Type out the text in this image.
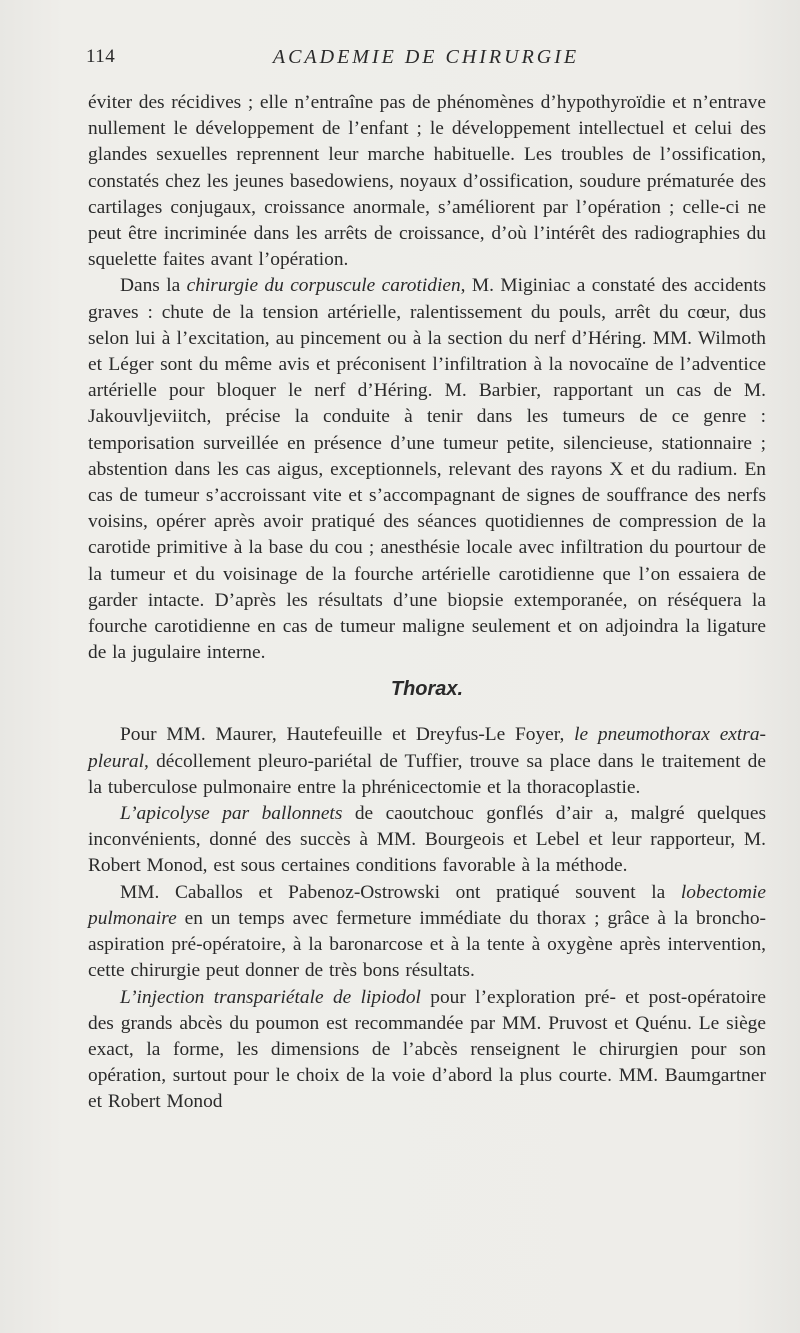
114	ACADEMIE DE CHIRURGIE

éviter des récidives ; elle n’entraîne pas de phénomènes d’hypothyroïdie et n’entrave nullement le développement de l’enfant ; le développement intellectuel et celui des glandes sexuelles reprennent leur marche habituelle. Les troubles de l’ossification, constatés chez les jeunes basedowiens, noyaux d’ossification, soudure prématurée des cartilages conjugaux, croissance anormale, s’améliorent par l’opération ; celle-ci ne peut être incriminée dans les arrêts de croissance, d’où l’intérêt des radiographies du squelette faites avant l’opération.

Dans la chirurgie du corpuscule carotidien, M. Miginiac a constaté des accidents graves : chute de la tension artérielle, ralentissement du pouls, arrêt du cœur, dus selon lui à l’excitation, au pincement ou à la section du nerf d’Héring. MM. Wilmoth et Léger sont du même avis et préconisent l’infiltration à la novocaïne de l’adventice artérielle pour bloquer le nerf d’Héring. M. Barbier, rapportant un cas de M. Jakouvljeviitch, précise la conduite à tenir dans les tumeurs de ce genre : temporisation surveillée en présence d’une tumeur petite, silencieuse, stationnaire ; abstention dans les cas aigus, exceptionnels, relevant des rayons X et du radium. En cas de tumeur s’accroissant vite et s’accompagnant de signes de souffrance des nerfs voisins, opérer après avoir pratiqué des séances quotidiennes de compression de la carotide primitive à la base du cou ; anesthésie locale avec infiltration du pourtour de la tumeur et du voisinage de la fourche artérielle carotidienne que l’on essaiera de garder intacte. D’après les résultats d’une biopsie extemporanée, on réséquera la fourche carotidienne en cas de tumeur maligne seulement et on adjoindra la ligature de la jugulaire interne.

Thorax.

Pour MM. Maurer, Hautefeuille et Dreyfus-Le Foyer, le pneumothorax extra-pleural, décollement pleuro-pariétal de Tuffier, trouve sa place dans le traitement de la tuberculose pulmonaire entre la phrénicectomie et la thoracoplastie.

L’apicolyse par ballonnets de caoutchouc gonflés d’air a, malgré quelques inconvénients, donné des succès à MM. Bourgeois et Lebel et leur rapporteur, M. Robert Monod, est sous certaines conditions favorable à la méthode.

MM. Caballos et Pabenoz-Ostrowski ont pratiqué souvent la lobectomie pulmonaire en un temps avec fermeture immédiate du thorax ; grâce à la broncho-aspiration pré-opératoire, à la baronarcose et à la tente à oxygène après intervention, cette chirurgie peut donner de très bons résultats.

L’injection transpariétale de lipiodol pour l’exploration pré- et post-opératoire des grands abcès du poumon est recommandée par MM. Pruvost et Quénu. Le siège exact, la forme, les dimensions de l’abcès renseignent le chirurgien pour son opération, surtout pour le choix de la voie d’abord la plus courte. MM. Baumgartner et Robert Monod
